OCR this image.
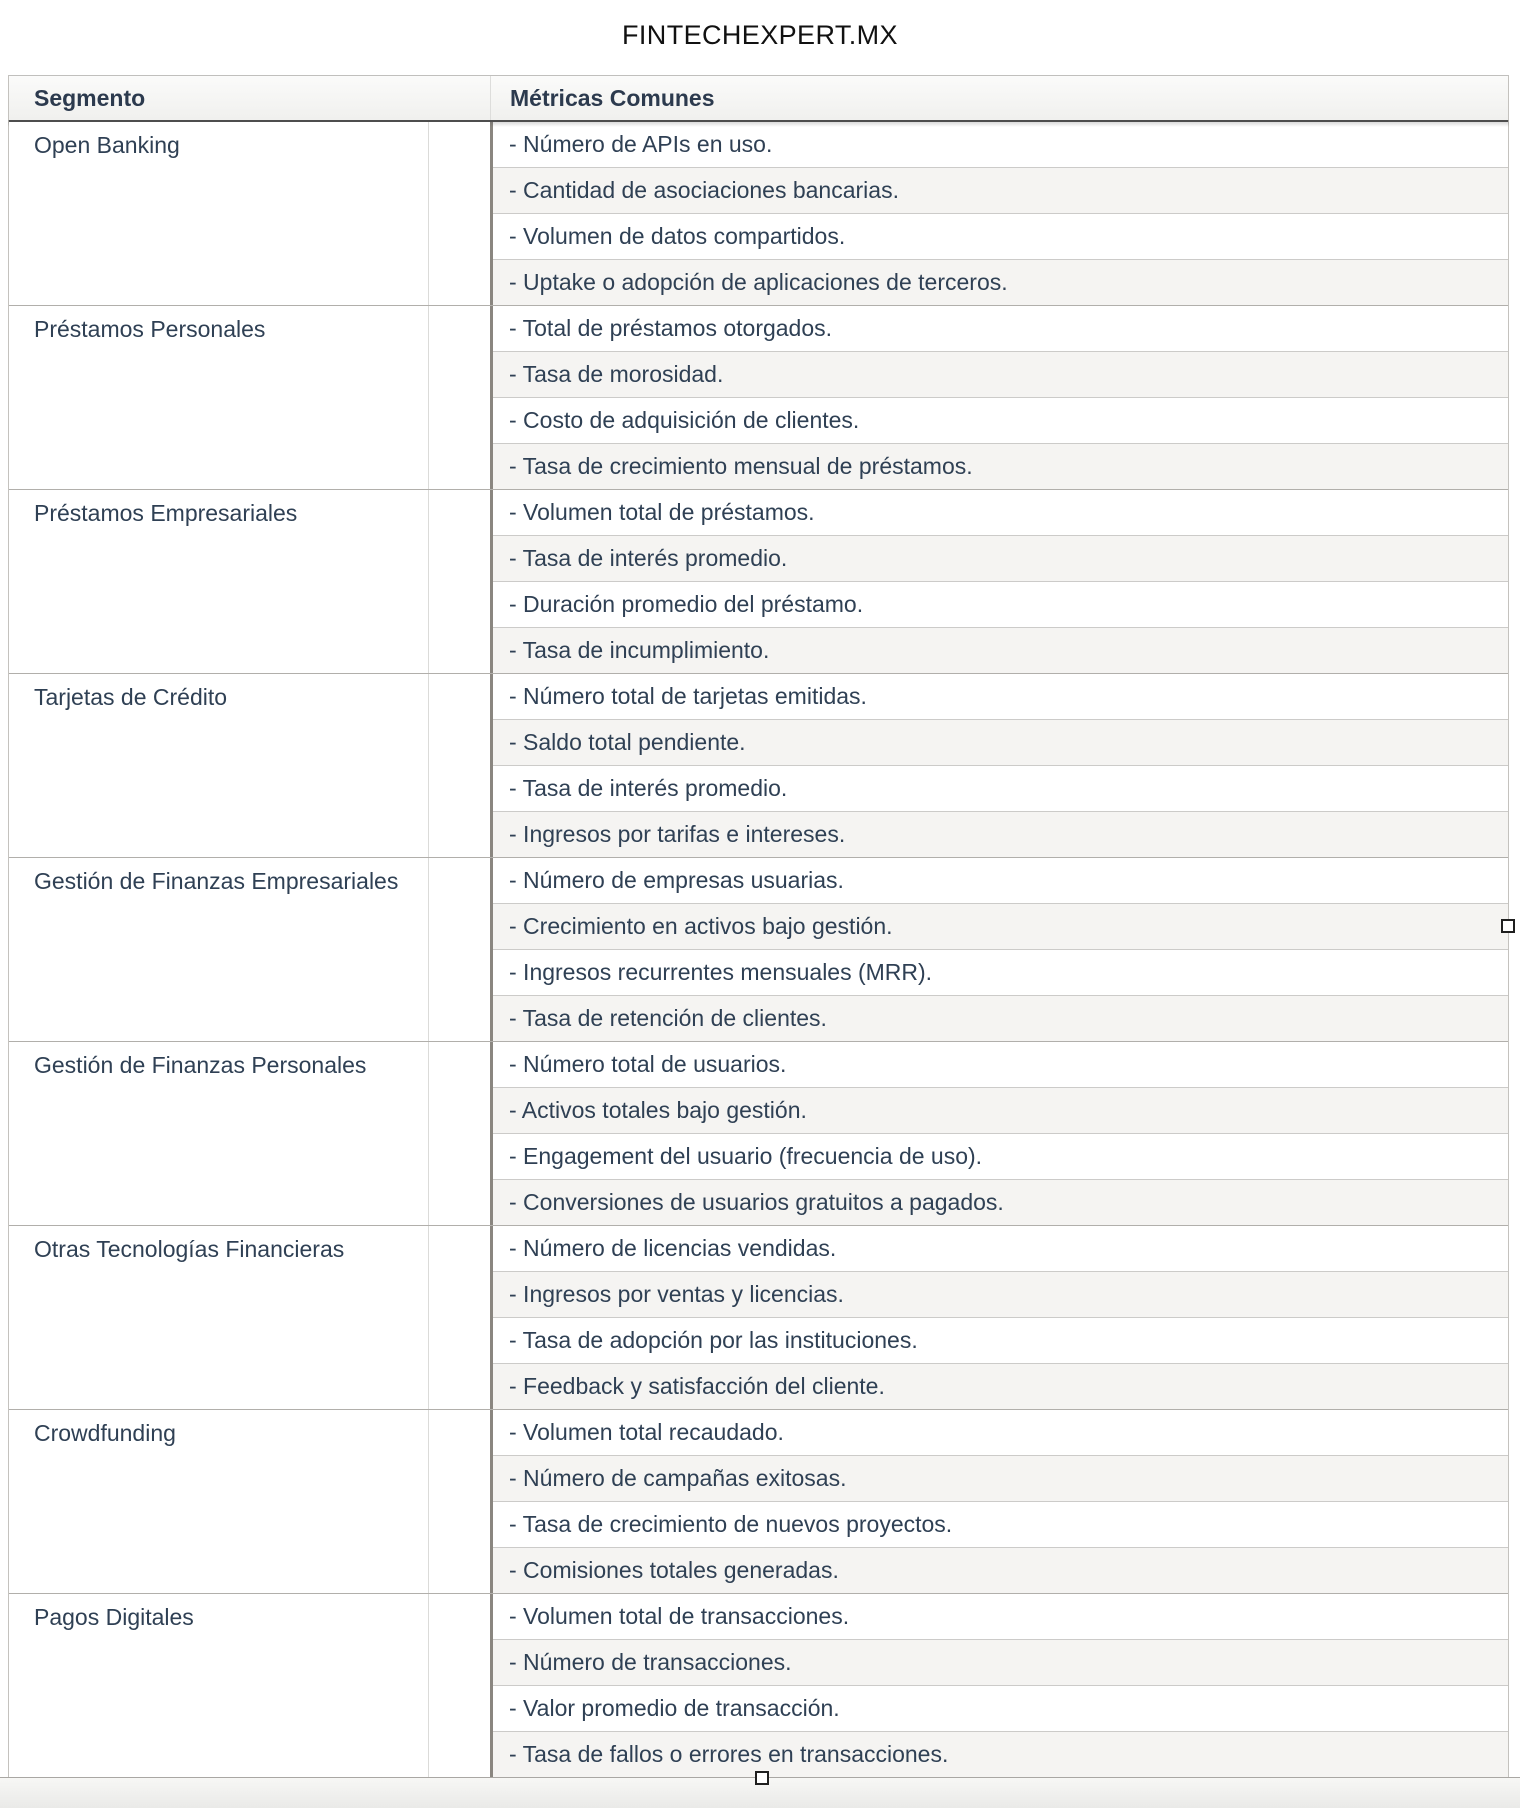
FINTECHEXPERT.MX
Segmento	Métricas Comunes
Open Banking	- Número de APIs en uso.
- Cantidad de asociaciones bancarias.
- Volumen de datos compartidos.
- Uptake o adopción de aplicaciones de terceros.
Préstamos Personales	- Total de préstamos otorgados.
- Tasa de morosidad.
- Costo de adquisición de clientes.
- Tasa de crecimiento mensual de préstamos.
Préstamos Empresariales	- Volumen total de préstamos.
- Tasa de interés promedio.
- Duración promedio del préstamo.
- Tasa de incumplimiento.
Tarjetas de Crédito	- Número total de tarjetas emitidas.
- Saldo total pendiente.
- Tasa de interés promedio.
- Ingresos por tarifas e intereses.
Gestión de Finanzas Empresariales	- Número de empresas usuarias.
- Crecimiento en activos bajo gestión.
- Ingresos recurrentes mensuales (MRR).
- Tasa de retención de clientes.
Gestión de Finanzas Personales	- Número total de usuarios.
- Activos totales bajo gestión.
- Engagement del usuario (frecuencia de uso).
- Conversiones de usuarios gratuitos a pagados.
Otras Tecnologías Financieras	- Número de licencias vendidas.
- Ingresos por ventas y licencias.
- Tasa de adopción por las instituciones.
- Feedback y satisfacción del cliente.
Crowdfunding	- Volumen total recaudado.
- Número de campañas exitosas.
- Tasa de crecimiento de nuevos proyectos.
- Comisiones totales generadas.
Pagos Digitales	- Volumen total de transacciones.
- Número de transacciones.
- Valor promedio de transacción.
- Tasa de fallos o errores en transacciones.
